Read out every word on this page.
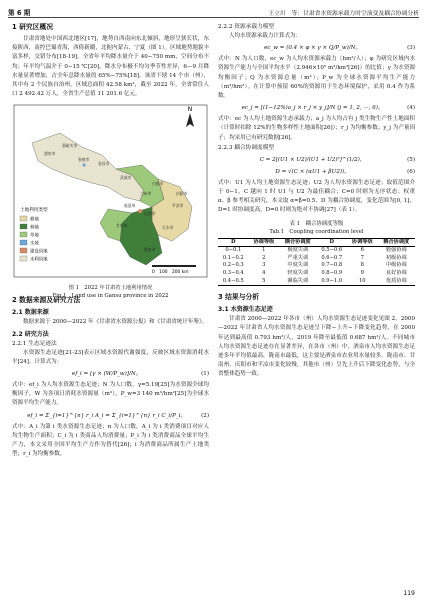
第 6 期	王立川　等：甘肃省水资源承载力时空演变及耦合协调分析
1 研究区概况

甘肃省地处中国西北地区[17]，地势自西南向东北倾斜，地形呈狭长状，东接陕西，南控巴蜀青海，西倚新疆，北扼内蒙古、宁夏（图 1）。区域地势地貌丰富多样，交错分布[18-19]。全省年平均降水量介于 40−750 mm，空间分布不均；年平均气温介于 0−15 ℃[20]，降水分布极不均匀季节性差异，6—9 月降水量显著增加，占全年总降水量的 65%−75%[18]。该省下辖 14 个市（州），其中有 2 个民族自治州，区域总面积 42.58 km²，截至 2022 年，全省常住人口 2 492.42 万人，全省生产总值 11 201.6 亿元。

N
土地利用类型
耕地
林地
草地
水域
建设用地
未利用地
酒泉市
嘉峪关市
张掖市
金昌市
武威市
兰州市
白银市
临夏州
定西市
平凉市
庆阳市
天水市
甘南州
陇南市
0　100　200 km
图 1　2022 年甘肃省土地利用情况
Fig.1　Land use in Gansu province in 2022
2 数据来源及研究方法
2.1 数据来源

数据来源于 2000—2022 年《甘肃省水资源公报》和《甘肃省统计年鉴》。

2.2 研究方法
2.2.1 生态足迹法

水资源生态足迹[21-23]表示区域水资源代谢强度，反映区域水资源消耗水平[24]。计算式为：

ef_i = [γ × (W/P_w)]/N。	(1)

式中：ef_i 为人均水资源生态足迹；N 为人口数，γ=5.19[25]为水资源全球均衡因子，W 为各项日消耗水资源量（m³），P_w=3 140 m³/hm²[25]为全球水资源平均生产能力。

ef_i = Σ_{i=1}^{n} r_i A_i = Σ_{i=1}^{n} r_i C_i/P_i。	(2)

式中：A_i 为第 i 类水资源生态足迹；n 为人口数，A_i 为 i 类消费项目对应人均生物生产面积；C_i 为 i 类商品人均消费量；P_i 为 i 类消费商品全球平均生产力，本文采用全国平均生产力作为替代[26]；i 为消费商品所属生产土地类型；r_i 为均衡参数。

2.2.2 资源承载力模型

人均水资源承载力计算式为：

ec_w = (0.4 × φ × γ × Q/P_w)/N。	(3)

式中：N 为人口数，ec_w 为人均水资源承载力（hm²/人）；φ 为研究区域内水资源生产能力与全国平均水平（2.946×10⁵ m³/km²[26]）的比值；γ 为水资源均衡因子；Q 为水资源总量（m³）；P_w 为全球水资源平均生产能力（m³/hm²）。在计算中预留 60%的资源用于生态环境保护，采用 0.4 作为系数。

ec_j = [(1−12%)a_j × r_j × y_j]/N (j = 1, 2, ···, 6)。	(4)

式中：ec 为人均土地资源生态承载力；a_j 为人均占有 j 类生物生产性土地面积（计算时扣除 12%的生物多样性土地面积[26]）；r_j 为均衡参数；y_j 为产量因子；均采用已有研究数据[26]。

2.2.3 耦合协调度模型
C = 2[(U1 × U2)/(U1 + U2)²]^(1/2)，	(5)
D = √(C × (αU1 + βU2))。	(6)

式中：U1 为人均土地资源生态足迹；U2 为人均水资源生态足迹；取值范围介于 0−1，C 越向 1 时 U1 与 U2 为最佳耦合；C=0 时则为无序状态；权重 α、β 参考相关研究，本文取 α=β=0.5，D 为耦合协调度，变化范围为[0, 1]，D=1 时协调度高，D=0 时则为绝对不协调[27]（表 1）。

表 1　耦合协调度等级
Tab.1　Coupling coordination level
D	协调等级	耦合协调度	D	协调等级	耦合协调度
0−0.1	1	极度失调	0.5−0.6	6	勉强协调
0.1−0.2	2	严重失调	0.6−0.7	7	初级协调
0.2−0.3	3	中度失调	0.7−0.8	8	中级协调
0.3−0.4	4	轻度失调	0.8−0.9	9	良好协调
0.4−0.5	5	濒临失调	0.9−1.0	10	优质协调
3 结果与分析
3.1 水资源生态足迹

甘肃省 2000—2022 年各市（州）人均水资源生态足迹变化见图 2。2000—2022 年甘肃省人均水资源生态足迹呈下降−上升−下降变化趋势，在 2000 年达到最高值 0.793 hm²/人，2019 年降至最低值 0.687 hm²/人。不同城市人均水资源生态足迹存在显著差异，在各市（州）中，酒泉市人均水资源生态足迹多年平均值最高，陇南市最低，这主要是酒泉市农业用水量较多。陇南市、甘南州、庆阳市和平凉市变化较慢，其他市（州）呈先上升后下降变化态势，与全省整体趋势一致。

119
